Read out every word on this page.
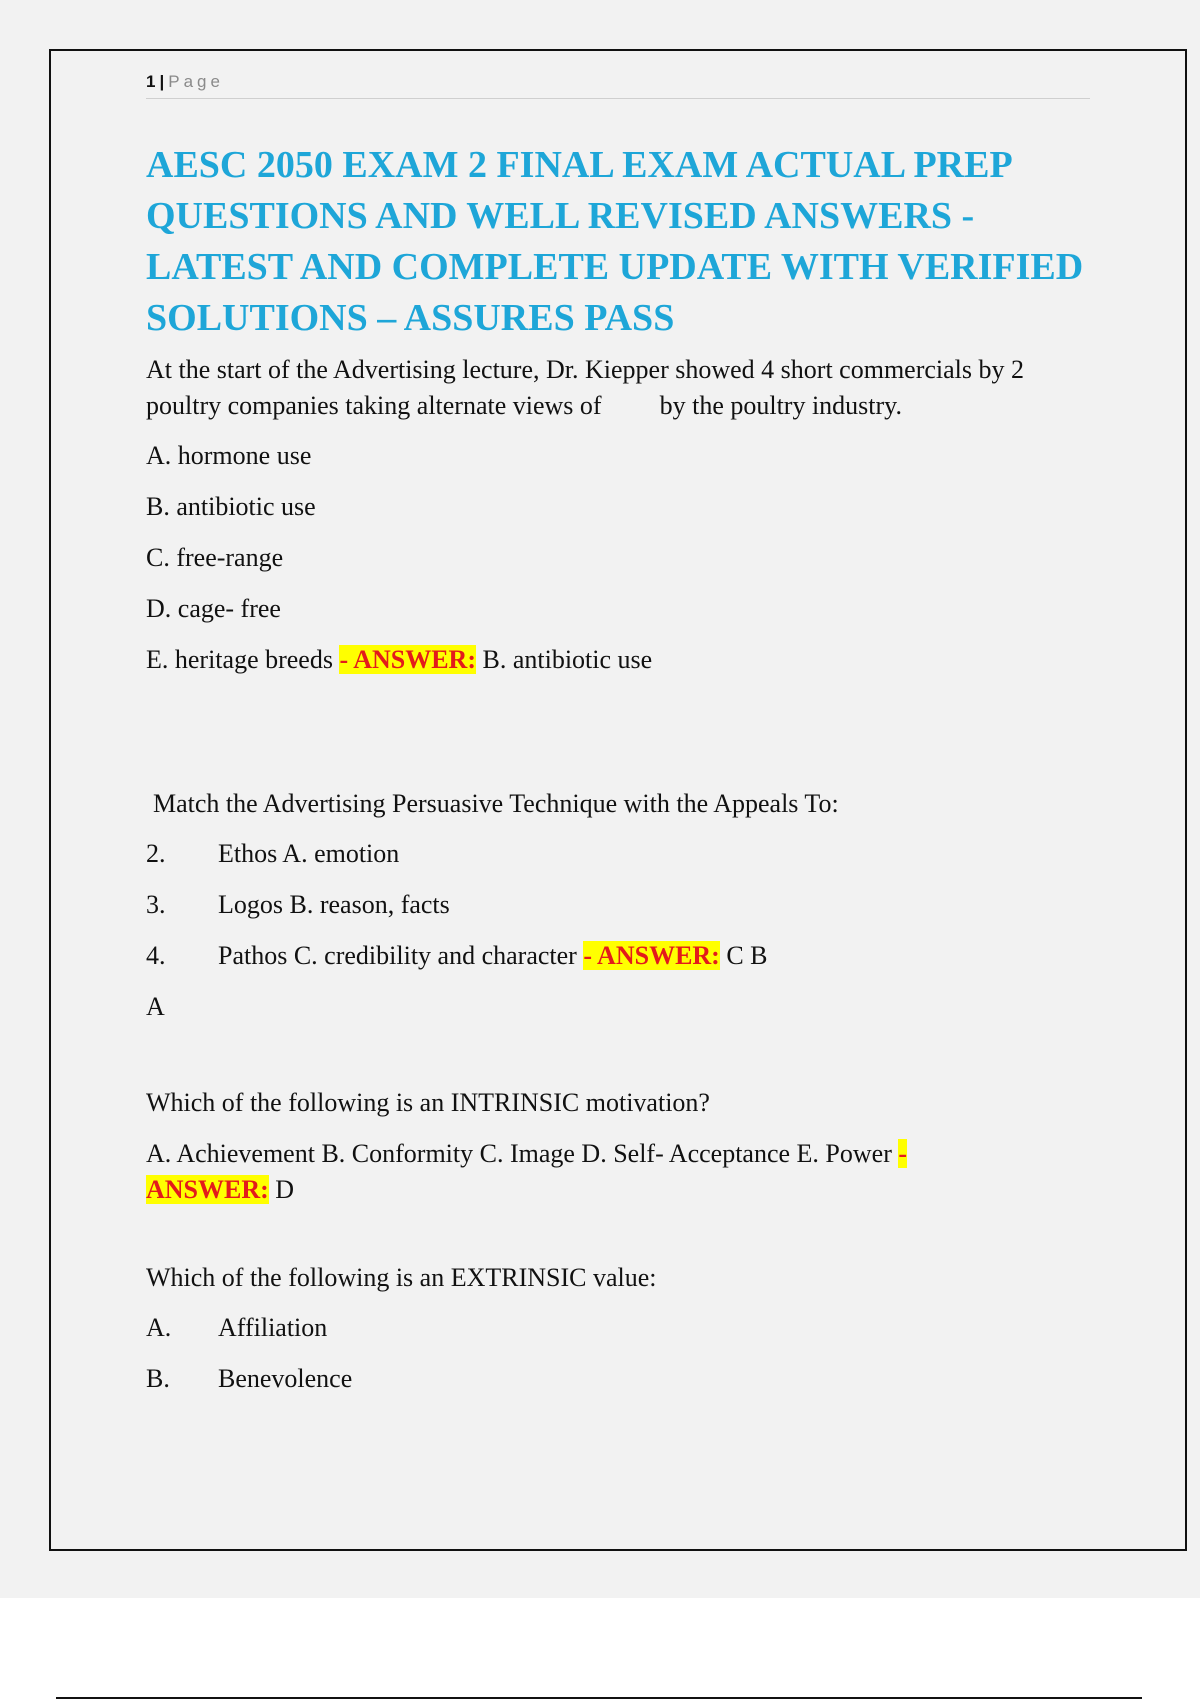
1 | Page
AESC 2050 EXAM 2 FINAL EXAM ACTUAL PREP QUESTIONS AND WELL REVISED ANSWERS - LATEST AND COMPLETE UPDATE WITH VERIFIED SOLUTIONS – ASSURES PASS

At the start of the Advertising lecture, Dr. Kiepper showed 4 short commercials by 2 poultry companies taking alternate views of by the poultry industry.

A. hormone use

B. antibiotic use

C. free-range

D. cage- free

E. heritage breeds - ANSWER: B. antibiotic use

Match the Advertising Persuasive Technique with the Appeals To:

2.	Ethos A. emotion
3.	Logos B. reason, facts
4.	Pathos C. credibility and character - ANSWER: C B

A

Which of the following is an INTRINSIC motivation?

A. Achievement B. Conformity C. Image D. Self- Acceptance E. Power -
ANSWER: D

Which of the following is an EXTRINSIC value:

A.	Affiliation
B.	Benevolence
